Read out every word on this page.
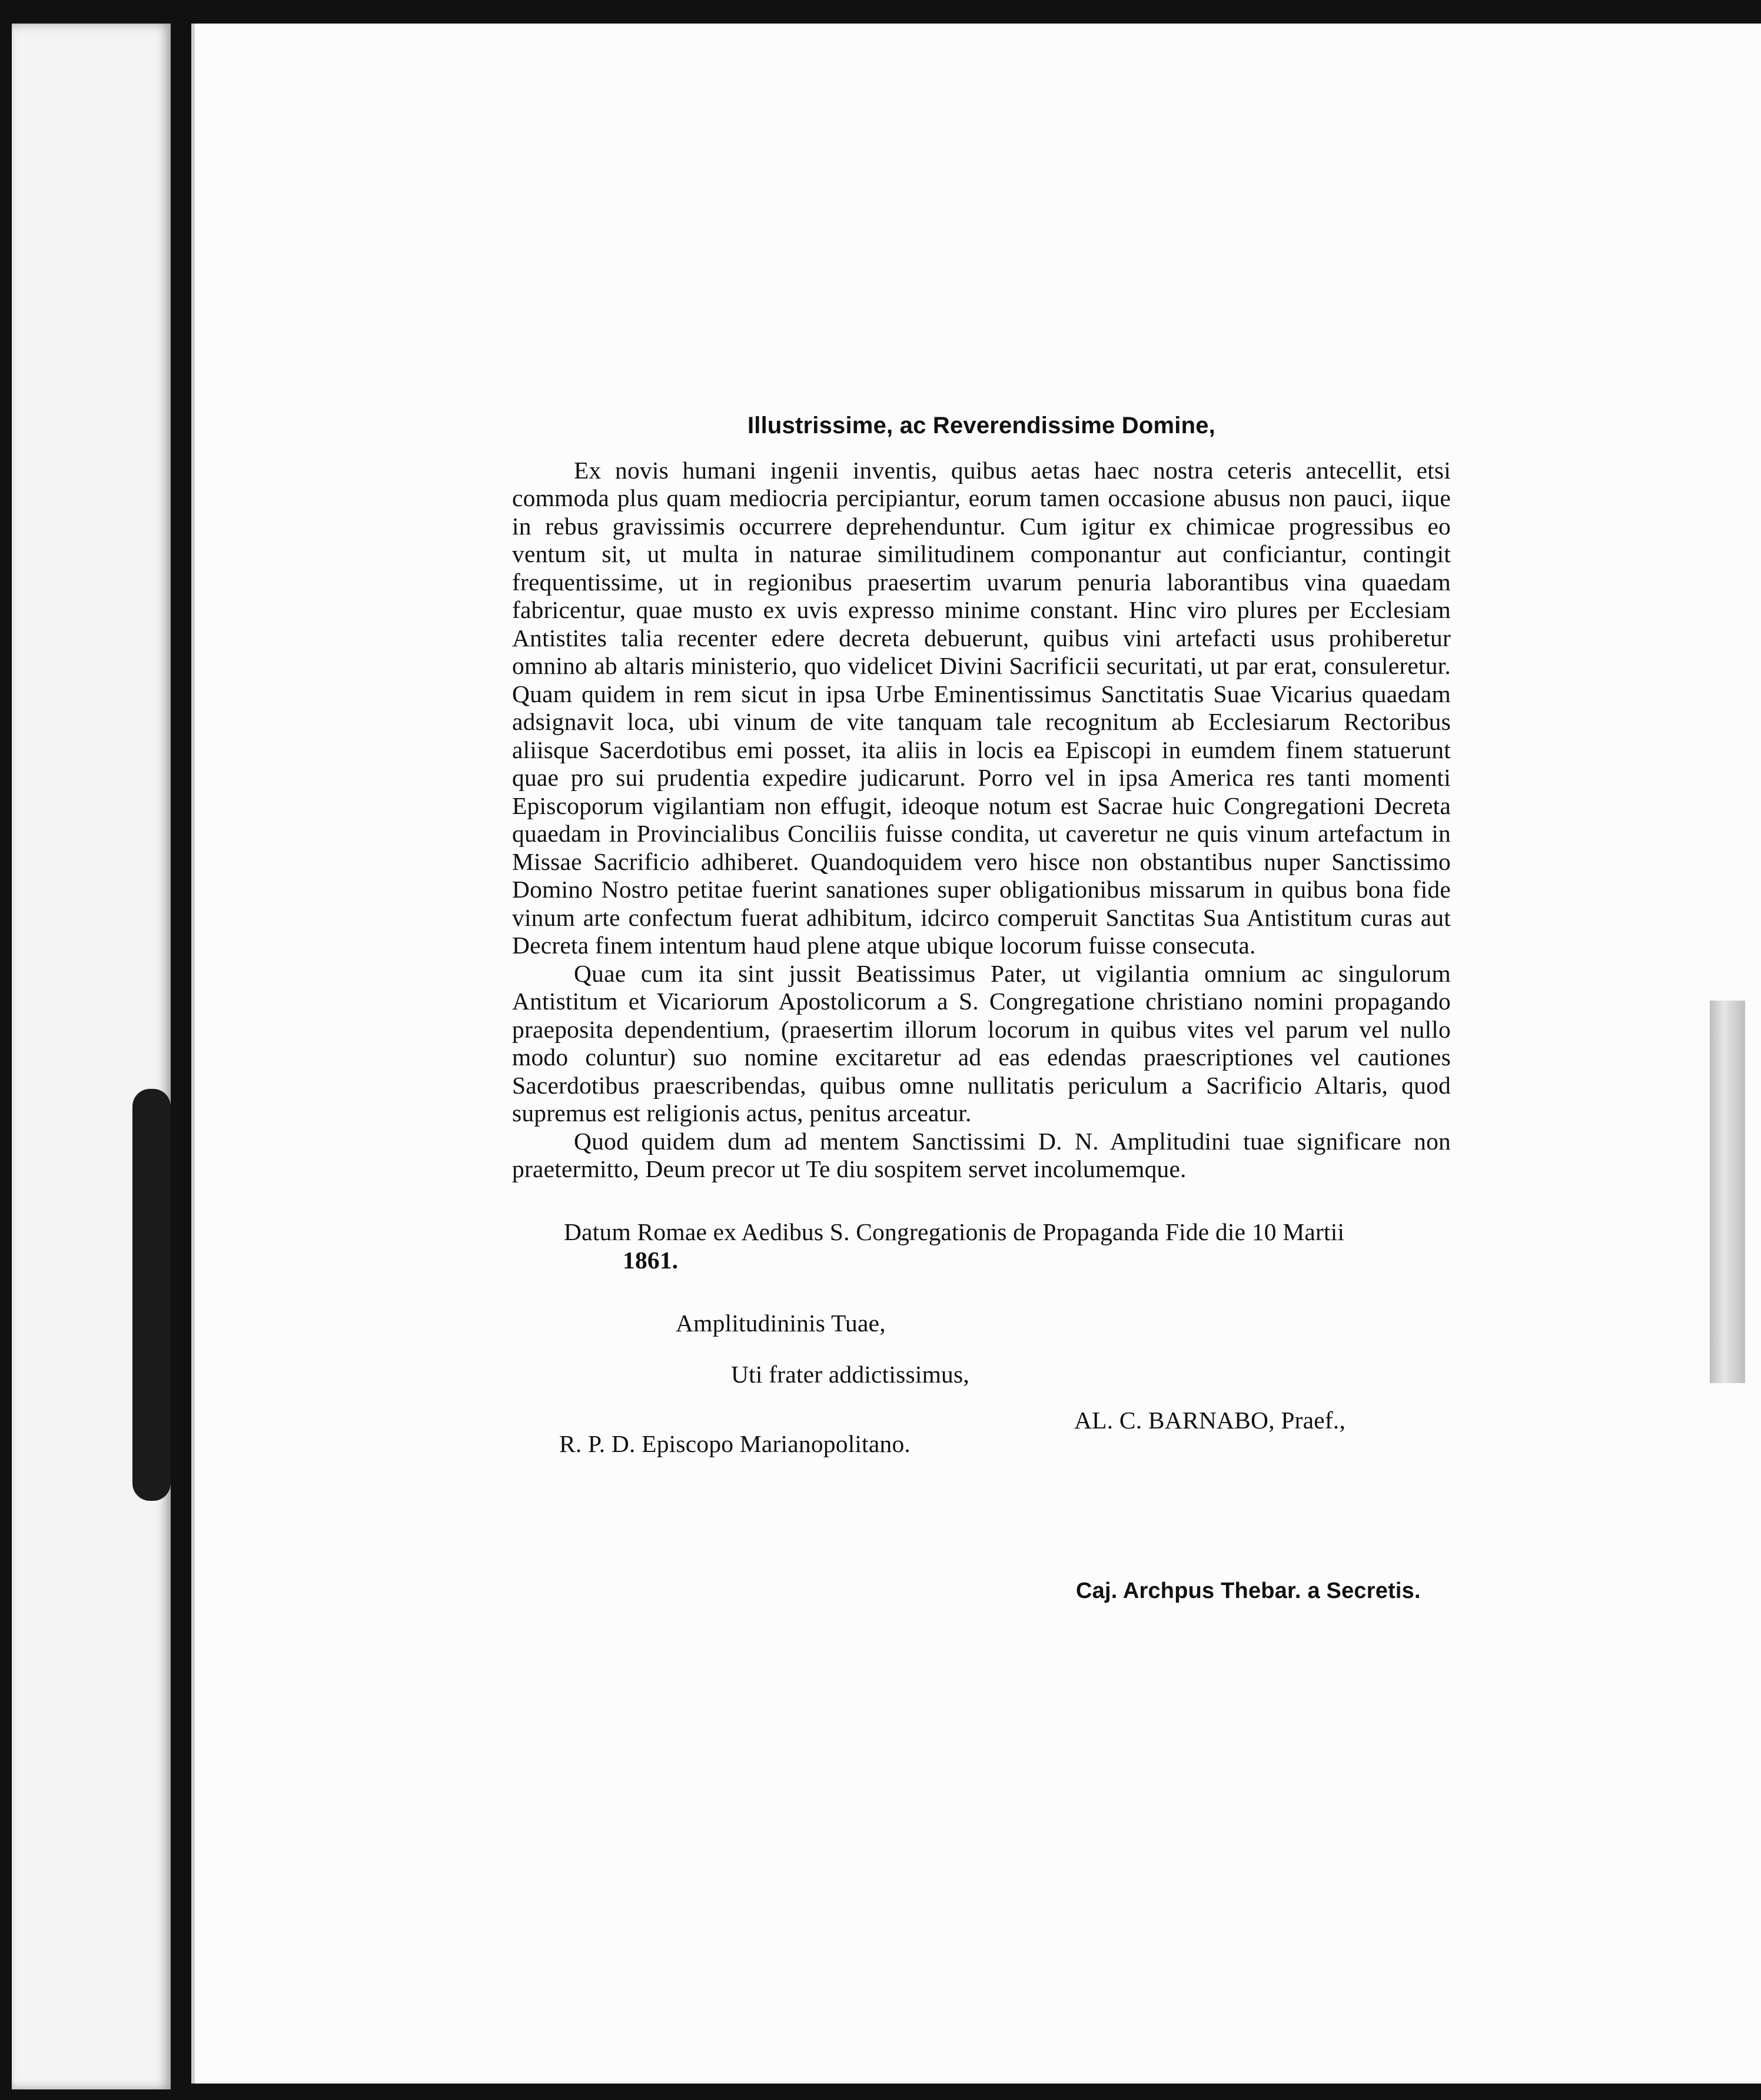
Illustrissime, ac Reverendissime Domine,

Ex novis humani ingenii inventis, quibus aetas haec nostra ceteris antecellit, etsi commoda plus quam mediocria percipiantur, eorum tamen occasione abusus non pauci, iique in rebus gravissimis occurrere deprehenduntur. Cum igitur ex chimicae progressibus eo ventum sit, ut multa in naturae similitudinem componantur aut conficiantur, contingit frequentissime, ut in regionibus praesertim uvarum penuria laborantibus vina quaedam fabricentur, quae musto ex uvis expresso minime constant. Hinc viro plures per Ecclesiam Antistites talia recenter edere decreta debuerunt, quibus vini artefacti usus prohiberetur omnino ab altaris ministerio, quo videlicet Divini Sacrificii securitati, ut par erat, consuleretur. Quam quidem in rem sicut in ipsa Urbe Eminentissimus Sanctitatis Suae Vicarius quaedam adsignavit loca, ubi vinum de vite tanquam tale recognitum ab Ecclesiarum Rectoribus aliisque Sacerdotibus emi posset, ita aliis in locis ea Episcopi in eumdem finem statuerunt quae pro sui prudentia expedire judicarunt. Porro vel in ipsa America res tanti momenti Episcoporum vigilantiam non effugit, ideoque notum est Sacrae huic Congregationi Decreta quaedam in Provincialibus Conciliis fuisse condita, ut caveretur ne quis vinum artefactum in Missae Sacrificio adhiberet. Quandoquidem vero hisce non obstantibus nuper Sanctissimo Domino Nostro petitae fuerint sanationes super obligationibus missarum in quibus bona fide vinum arte confectum fuerat adhibitum, idcirco comperuit Sanctitas Sua Antistitum curas aut Decreta finem intentum haud plene atque ubique locorum fuisse consecuta.

Quae cum ita sint jussit Beatissimus Pater, ut vigilantia omnium ac singulorum Antistitum et Vicariorum Apostolicorum a S. Congregatione christiano nomini propagando praeposita dependentium, (praesertim illorum locorum in quibus vites vel parum vel nullo modo coluntur) suo nomine excitaretur ad eas edendas praescriptiones vel cautiones Sacerdotibus praescribendas, quibus omne nullitatis periculum a Sacrificio Altaris, quod supremus est religionis actus, penitus arceatur.

Quod quidem dum ad mentem Sanctissimi D. N. Amplitudini tuae significare non praetermitto, Deum precor ut Te diu sospitem servet incolumemque.

Datum Romae ex Aedibus S. Congregationis de Propaganda Fide die 10 Martii
1861.
Amplitudininis Tuae,
Uti frater addictissimus,
AL. C. BARNABO, Praef.,
R. P. D. Episcopo Marianopolitano.
Caj. Archpus Thebar. a Secretis.
